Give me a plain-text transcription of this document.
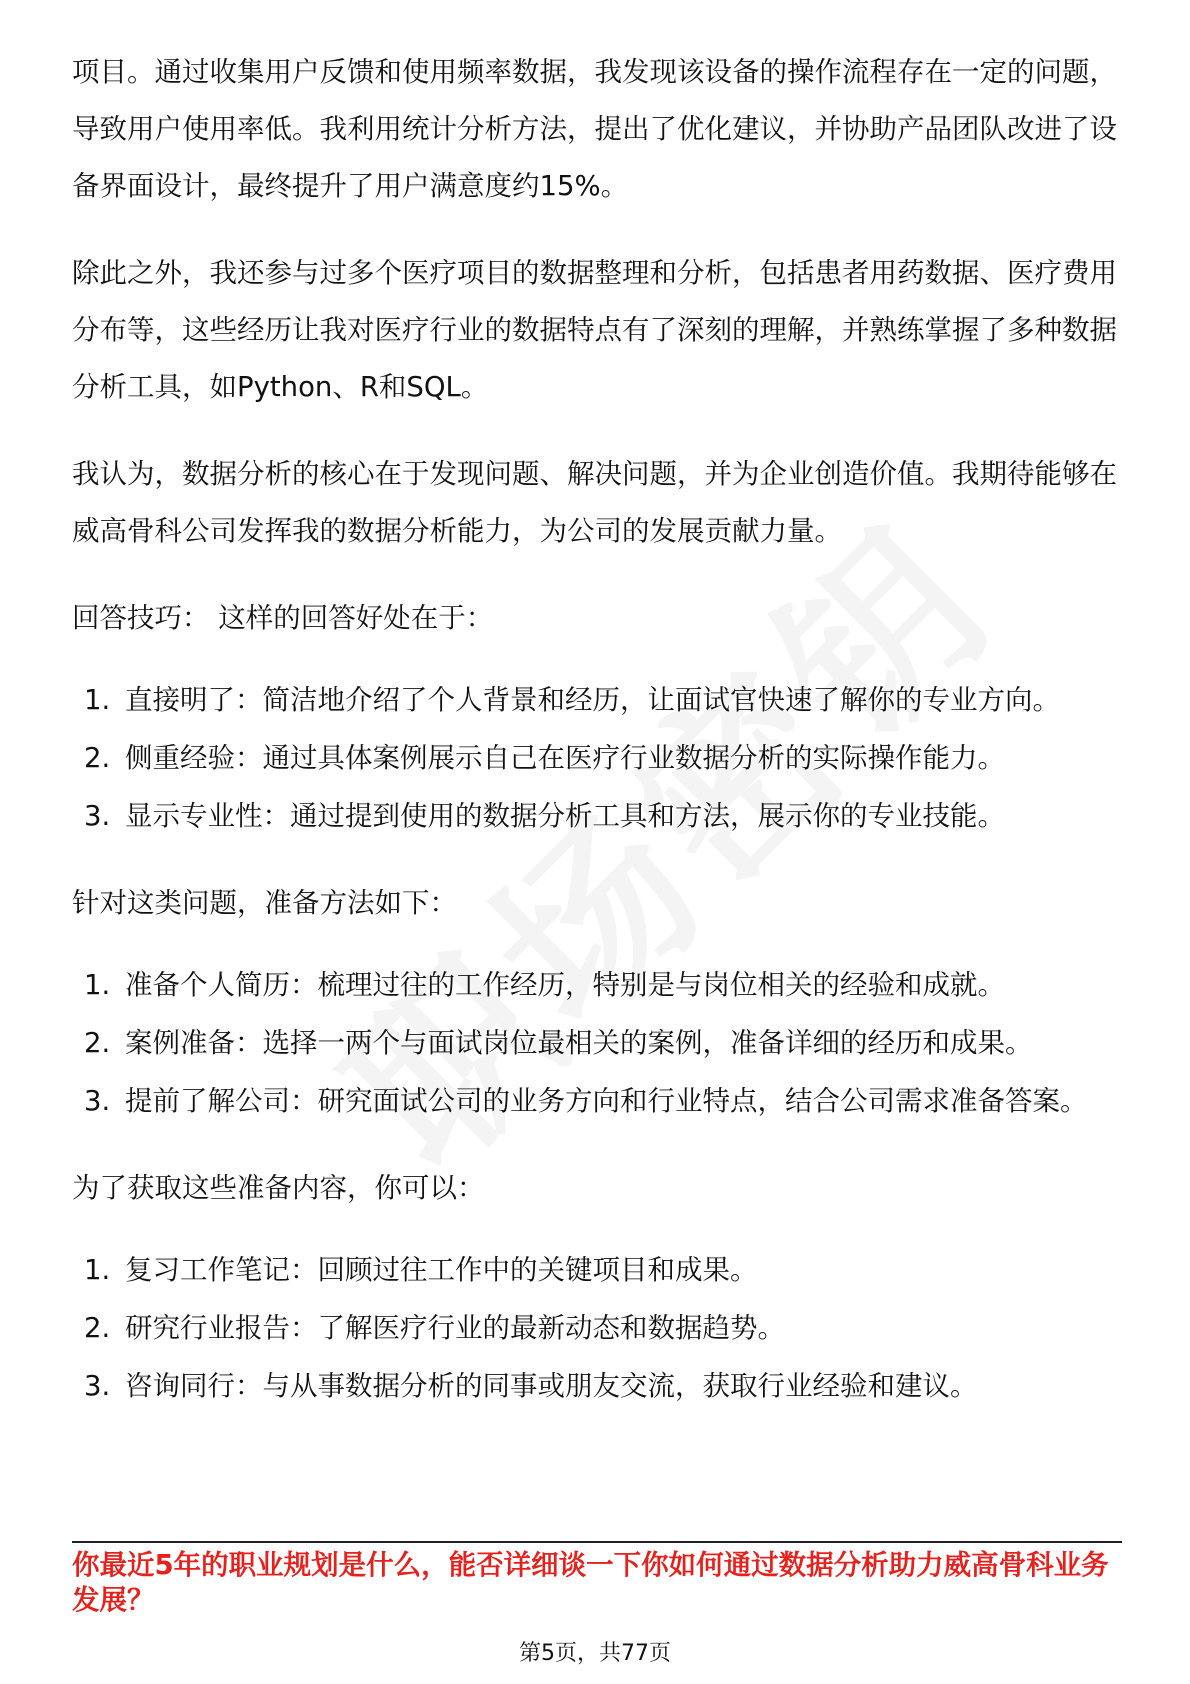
项目。通过收集用户反馈和使用频率数据，我发现该设备的操作流程存在一定的问题，导致用户使用率低。我利用统计分析方法，提出了优化建议，并协助产品团队改进了设备界面设计，最终提升了用户满意度约15%。

除此之外，我还参与过多个医疗项目的数据整理和分析，包括患者用药数据、医疗费用分布等，这些经历让我对医疗行业的数据特点有了深刻的理解，并熟练掌握了多种数据分析工具，如Python、R和SQL。

我认为，数据分析的核心在于发现问题、解决问题，并为企业创造价值。我期待能够在威高骨科公司发挥我的数据分析能力，为公司的发展贡献力量。

回答技巧： 这样的回答好处在于：

1. 直接明了：简洁地介绍了个人背景和经历，让面试官快速了解你的专业方向。
2. 侧重经验：通过具体案例展示自己在医疗行业数据分析的实际操作能力。
3. 显示专业性：通过提到使用的数据分析工具和方法，展示你的专业技能。

针对这类问题，准备方法如下：

1. 准备个人简历：梳理过往的工作经历，特别是与岗位相关的经验和成就。
2. 案例准备：选择一两个与面试岗位最相关的案例，准备详细的经历和成果。
3. 提前了解公司：研究面试公司的业务方向和行业特点，结合公司需求准备答案。

为了获取这些准备内容，你可以：

1. 复习工作笔记：回顾过往工作中的关键项目和成果。
2. 研究行业报告：了解医疗行业的最新动态和数据趋势。
3. 咨询同行：与从事数据分析的同事或朋友交流，获取行业经验和建议。

你最近5年的职业规划是什么，能否详细谈一下你如何通过数据分析助力威高骨科业务发展？

第5页，共77页
